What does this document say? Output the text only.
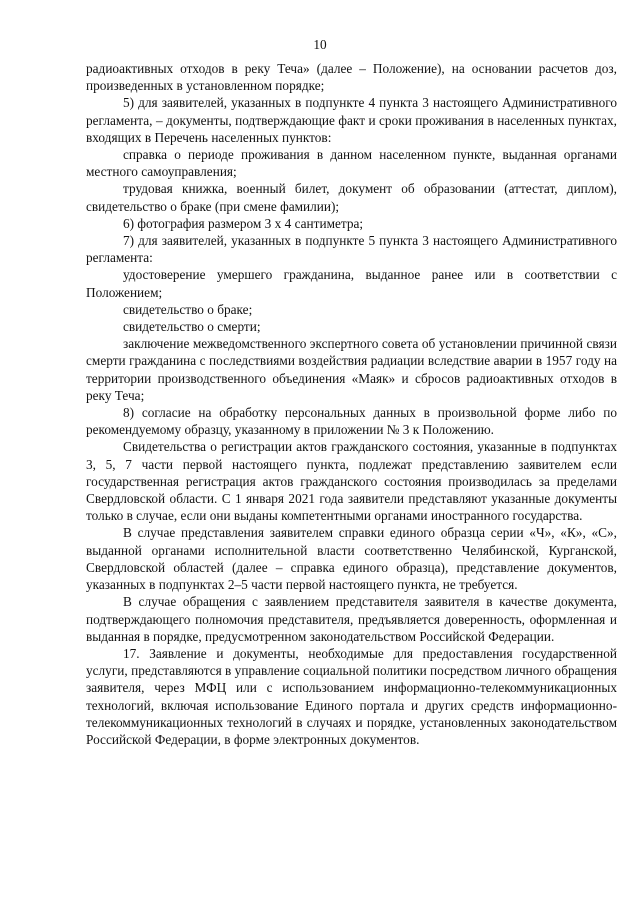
10

радиоактивных отходов в реку Теча» (далее – Положение), на основании расчетов доз, произведенных в установленном порядке;

5) для заявителей, указанных в подпункте 4 пункта 3 настоящего Административного регламента, – документы, подтверждающие факт и сроки проживания в населенных пунктах, входящих в Перечень населенных пунктов:

справка о периоде проживания в данном населенном пункте, выданная органами местного самоуправления;

трудовая книжка, военный билет, документ об образовании (аттестат, диплом), свидетельство о браке (при смене фамилии);

6) фотография размером 3 х 4 сантиметра;

7) для заявителей, указанных в подпункте 5 пункта 3 настоящего Административного регламента:

удостоверение умершего гражданина, выданное ранее или в соответствии с Положением;

свидетельство о браке;

свидетельство о смерти;

заключение межведомственного экспертного совета об установлении причинной связи смерти гражданина с последствиями воздействия радиации вследствие аварии в 1957 году на территории производственного объединения «Маяк» и сбросов радиоактивных отходов в реку Теча;

8) согласие на обработку персональных данных в произвольной форме либо по рекомендуемому образцу, указанному в приложении № 3 к Положению.

Свидетельства о регистрации актов гражданского состояния, указанные в подпунктах 3, 5, 7 части первой настоящего пункта, подлежат представлению заявителем если государственная регистрация актов гражданского состояния производилась за пределами Свердловской области. С 1 января 2021 года заявители представляют указанные документы только в случае, если они выданы компетентными органами иностранного государства.

В случае представления заявителем справки единого образца серии «Ч», «К», «С», выданной органами исполнительной власти соответственно Челябинской, Курганской, Свердловской областей (далее – справка единого образца), представление документов, указанных в подпунктах 2–5 части первой настоящего пункта, не требуется.

В случае обращения с заявлением представителя заявителя в качестве документа, подтверждающего полномочия представителя, предъявляется доверенность, оформленная и выданная в порядке, предусмотренном законодательством Российской Федерации.

17. Заявление и документы, необходимые для предоставления государственной услуги, представляются в управление социальной политики посредством личного обращения заявителя, через МФЦ или с использованием информационно-телекоммуникационных технологий, включая использование Единого портала и других средств информационно-телекоммуникационных технологий в случаях и порядке, установленных законодательством Российской Федерации, в форме электронных документов.
